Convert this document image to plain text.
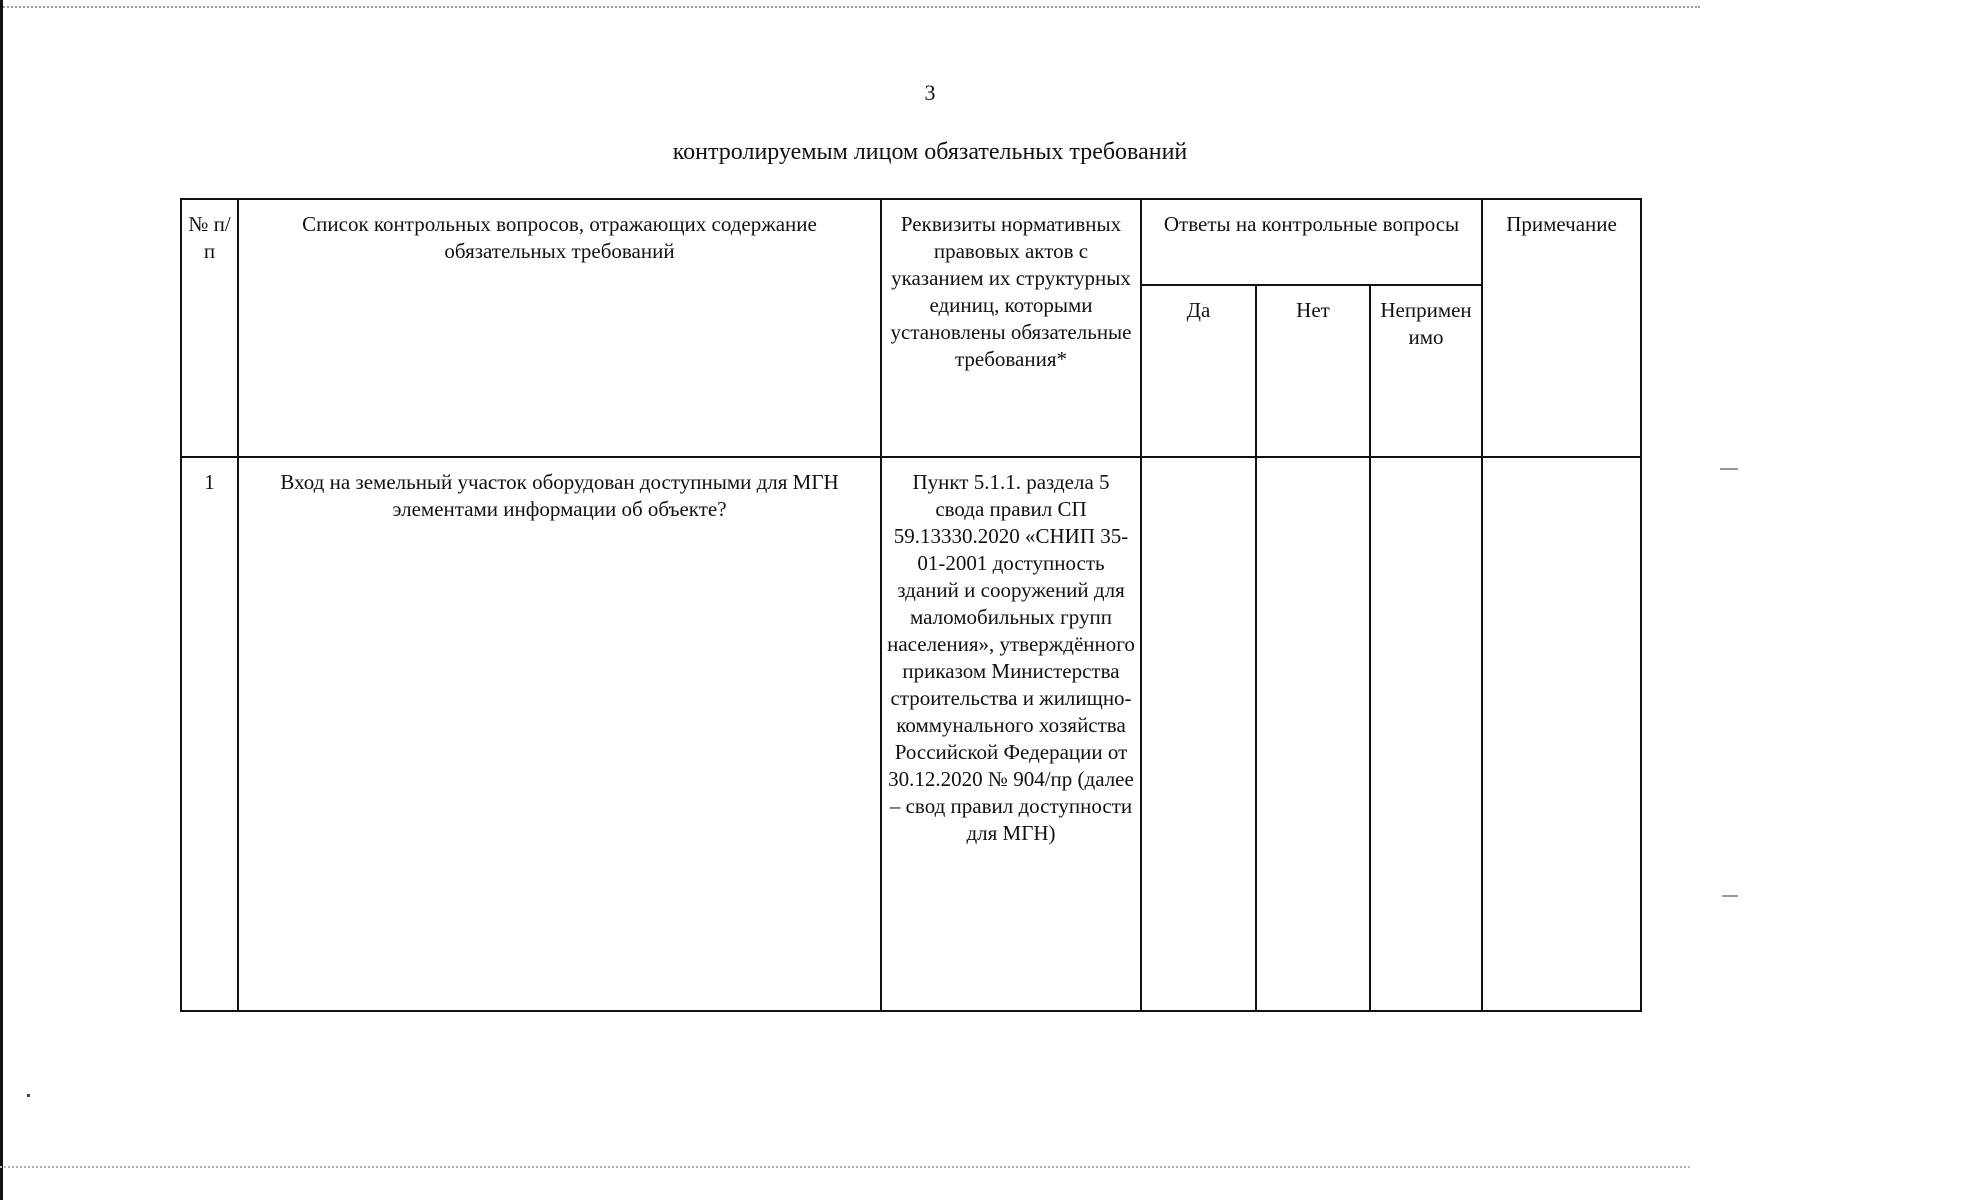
3
контролируемым лицом обязательных требований
№ п/п	Список контрольных вопросов, отражающих содержание обязательных требований	Реквизиты нормативных правовых актов с указанием их структурных единиц, которыми установлены обязательные требования*	Ответы на контрольные вопросы			Примечание
			Да	Нет	Неприменимо	
1	Вход на земельный участок оборудован доступными для МГН элементами информации об объекте?	Пункт 5.1.1. раздела 5 свода правил СП 59.13330.2020 «СНИП 35-01-2001 доступность зданий и сооружений для маломобильных групп населения», утверждённого приказом Министерства строительства и жилищно-коммунального хозяйства Российской Федерации от 30.12.2020 № 904/пр (далее – свод правил доступности для МГН)				
